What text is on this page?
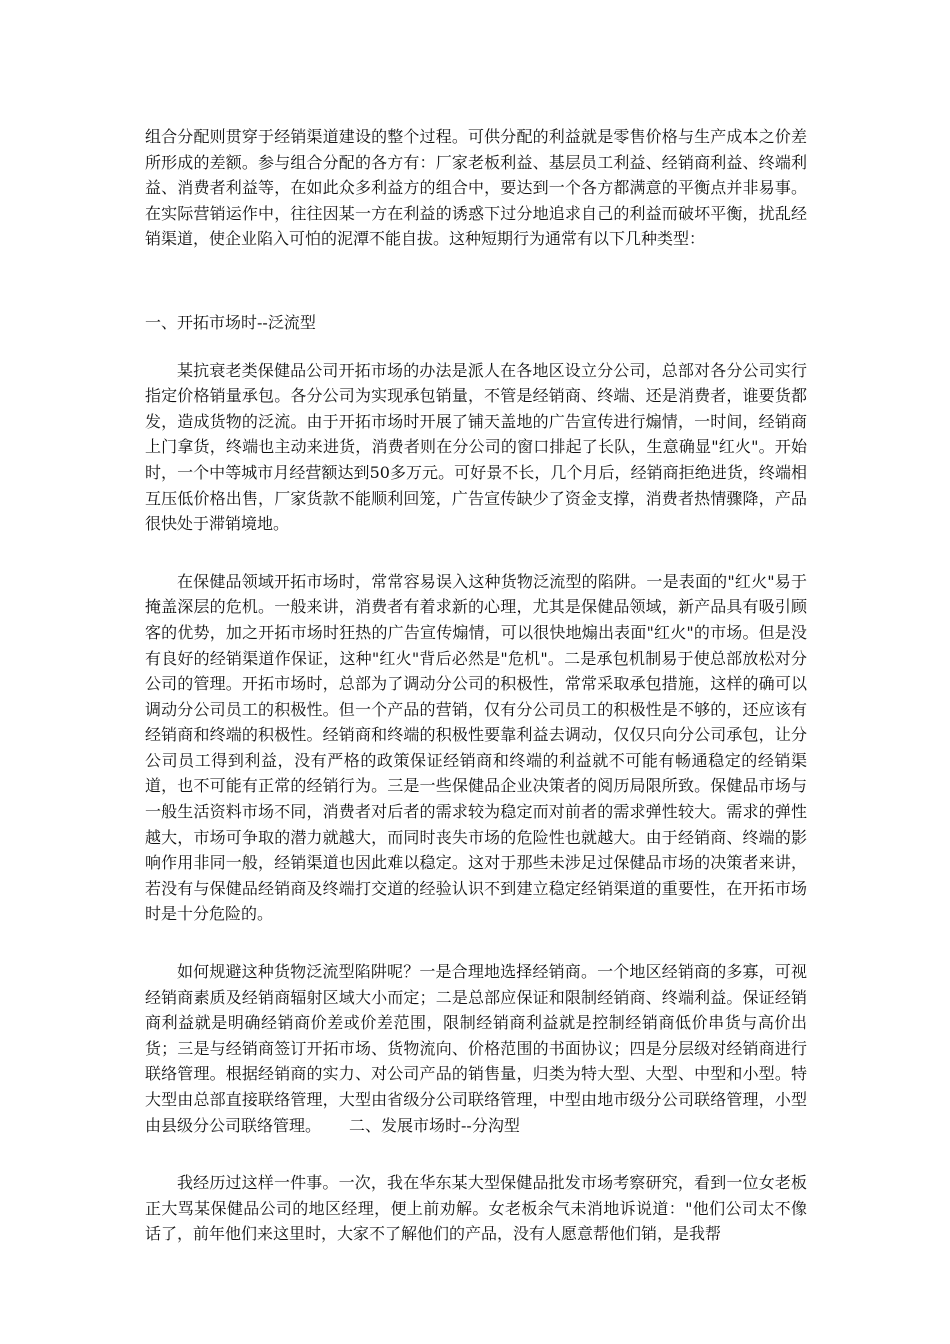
组合分配则贯穿于经销渠道建设的整个过程。可供分配的利益就是零售价格与生产成本之价差所形成的差额。参与组合分配的各方有：厂家老板利益、基层员工利益、经销商利益、终端利益、消费者利益等，在如此众多利益方的组合中，要达到一个各方都满意的平衡点并非易事。在实际营销运作中，往往因某一方在利益的诱惑下过分地追求自己的利益而破坏平衡，扰乱经销渠道，使企业陷入可怕的泥潭不能自拔。这种短期行为通常有以下几种类型：

一、开拓市场时--泛流型

某抗衰老类保健品公司开拓市场的办法是派人在各地区设立分公司，总部对各分公司实行指定价格销量承包。各分公司为实现承包销量，不管是经销商、终端、还是消费者，谁要货都发，造成货物的泛流。由于开拓市场时开展了铺天盖地的广告宣传进行煽情，一时间，经销商上门拿货，终端也主动来进货，消费者则在分公司的窗口排起了长队，生意确显"红火"。开始时，一个中等城市月经营额达到50多万元。可好景不长，几个月后，经销商拒绝进货，终端相互压低价格出售，厂家货款不能顺利回笼，广告宣传缺少了资金支撑，消费者热情骤降，产品很快处于滞销境地。

在保健品领域开拓市场时，常常容易误入这种货物泛流型的陷阱。一是表面的"红火"易于掩盖深层的危机。一般来讲，消费者有着求新的心理，尤其是保健品领域，新产品具有吸引顾客的优势，加之开拓市场时狂热的广告宣传煽情，可以很快地煽出表面"红火"的市场。但是没有良好的经销渠道作保证，这种"红火"背后必然是"危机"。二是承包机制易于使总部放松对分公司的管理。开拓市场时，总部为了调动分公司的积极性，常常采取承包措施，这样的确可以调动分公司员工的积极性。但一个产品的营销，仅有分公司员工的积极性是不够的，还应该有经销商和终端的积极性。经销商和终端的积极性要靠利益去调动，仅仅只向分公司承包，让分公司员工得到利益，没有严格的政策保证经销商和终端的利益就不可能有畅通稳定的经销渠道，也不可能有正常的经销行为。三是一些保健品企业决策者的阅历局限所致。保健品市场与一般生活资料市场不同，消费者对后者的需求较为稳定而对前者的需求弹性较大。需求的弹性越大，市场可争取的潜力就越大，而同时丧失市场的危险性也就越大。由于经销商、终端的影响作用非同一般，经销渠道也因此难以稳定。这对于那些未涉足过保健品市场的决策者来讲，若没有与保健品经销商及终端打交道的经验认识不到建立稳定经销渠道的重要性，在开拓市场时是十分危险的。

如何规避这种货物泛流型陷阱呢？一是合理地选择经销商。一个地区经销商的多寡，可视经销商素质及经销商辐射区域大小而定；二是总部应保证和限制经销商、终端利益。保证经销商利益就是明确经销商价差或价差范围，限制经销商利益就是控制经销商低价串货与高价出货；三是与经销商签订开拓市场、货物流向、价格范围的书面协议；四是分层级对经销商进行联络管理。根据经销商的实力、对公司产品的销售量，归类为特大型、大型、中型和小型。特大型由总部直接联络管理，大型由省级分公司联络管理，中型由地市级分公司联络管理，小型由县级分公司联络管理。 二、发展市场时--分沟型

我经历过这样一件事。一次，我在华东某大型保健品批发市场考察研究，看到一位女老板正大骂某保健品公司的地区经理，便上前劝解。女老板余气未消地诉说道："他们公司太不像话了，前年他们来这里时，大家不了解他们的产品，没有人愿意帮他们销，是我帮
